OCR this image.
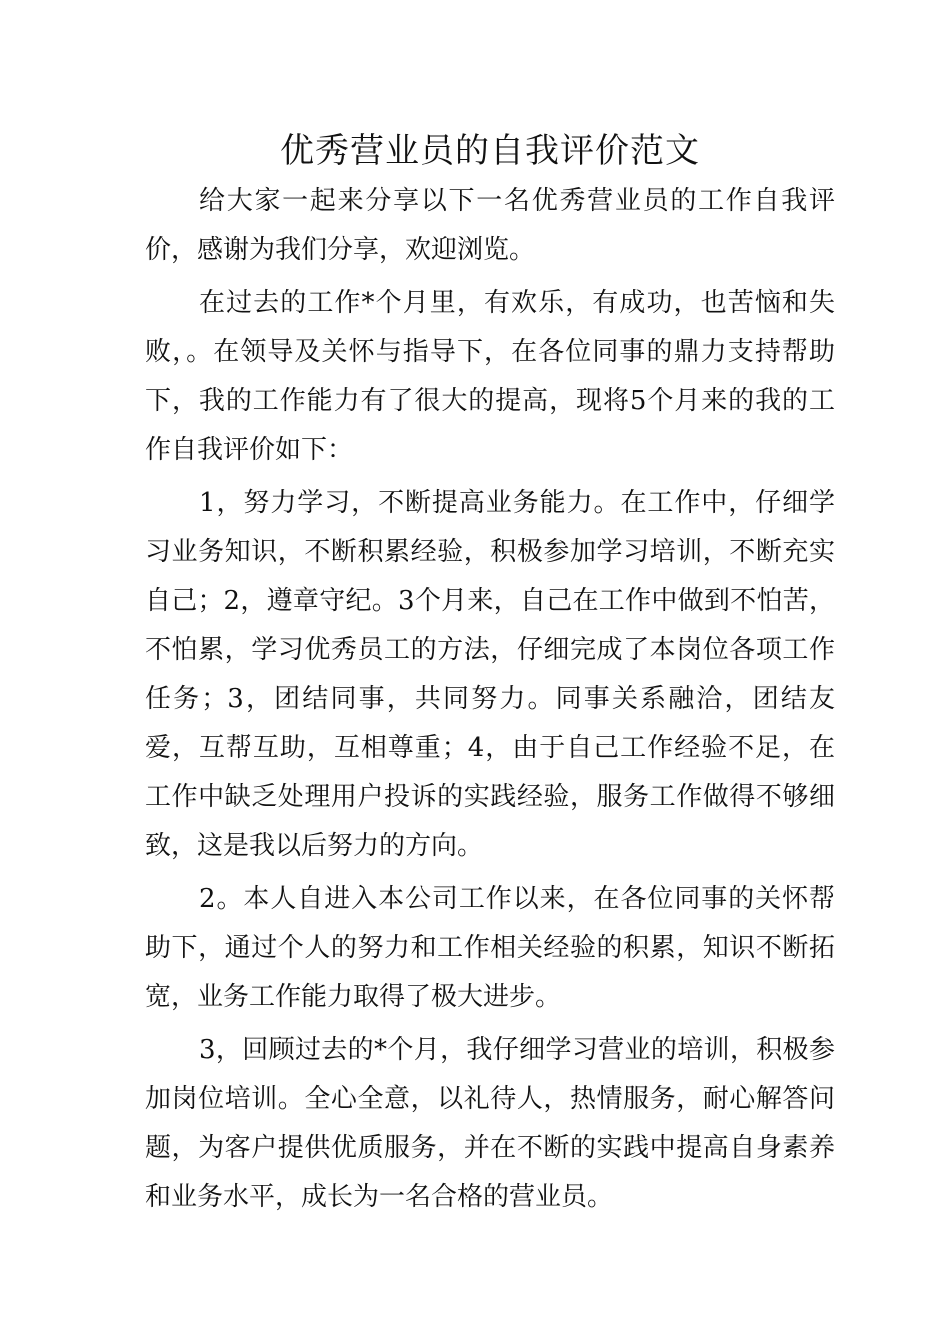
优秀营业员的自我评价范文

给大家一起来分享以下一名优秀营业员的工作自我评价，感谢为我们分享，欢迎浏览。

在过去的工作*个月里，有欢乐，有成功，也苦恼和失败，。在领导及关怀与指导下，在各位同事的鼎力支持帮助下，我的工作能力有了很大的提高，现将5个月来的我的工作自我评价如下：

1，努力学习，不断提高业务能力。在工作中，仔细学习业务知识，不断积累经验，积极参加学习培训，不断充实自己；2，遵章守纪。3个月来，自己在工作中做到不怕苦，不怕累，学习优秀员工的方法，仔细完成了本岗位各项工作任务；3，团结同事，共同努力。同事关系融洽，团结友爱，互帮互助，互相尊重；4，由于自己工作经验不足，在工作中缺乏处理用户投诉的实践经验，服务工作做得不够细致，这是我以后努力的方向。

2。本人自进入本公司工作以来，在各位同事的关怀帮助下，通过个人的努力和工作相关经验的积累，知识不断拓宽，业务工作能力取得了极大进步。

3，回顾过去的*个月，我仔细学习营业的培训，积极参加岗位培训。全心全意，以礼待人，热情服务，耐心解答问题，为客户提供优质服务，并在不断的实践中提高自身素养和业务水平，成长为一名合格的营业员。
